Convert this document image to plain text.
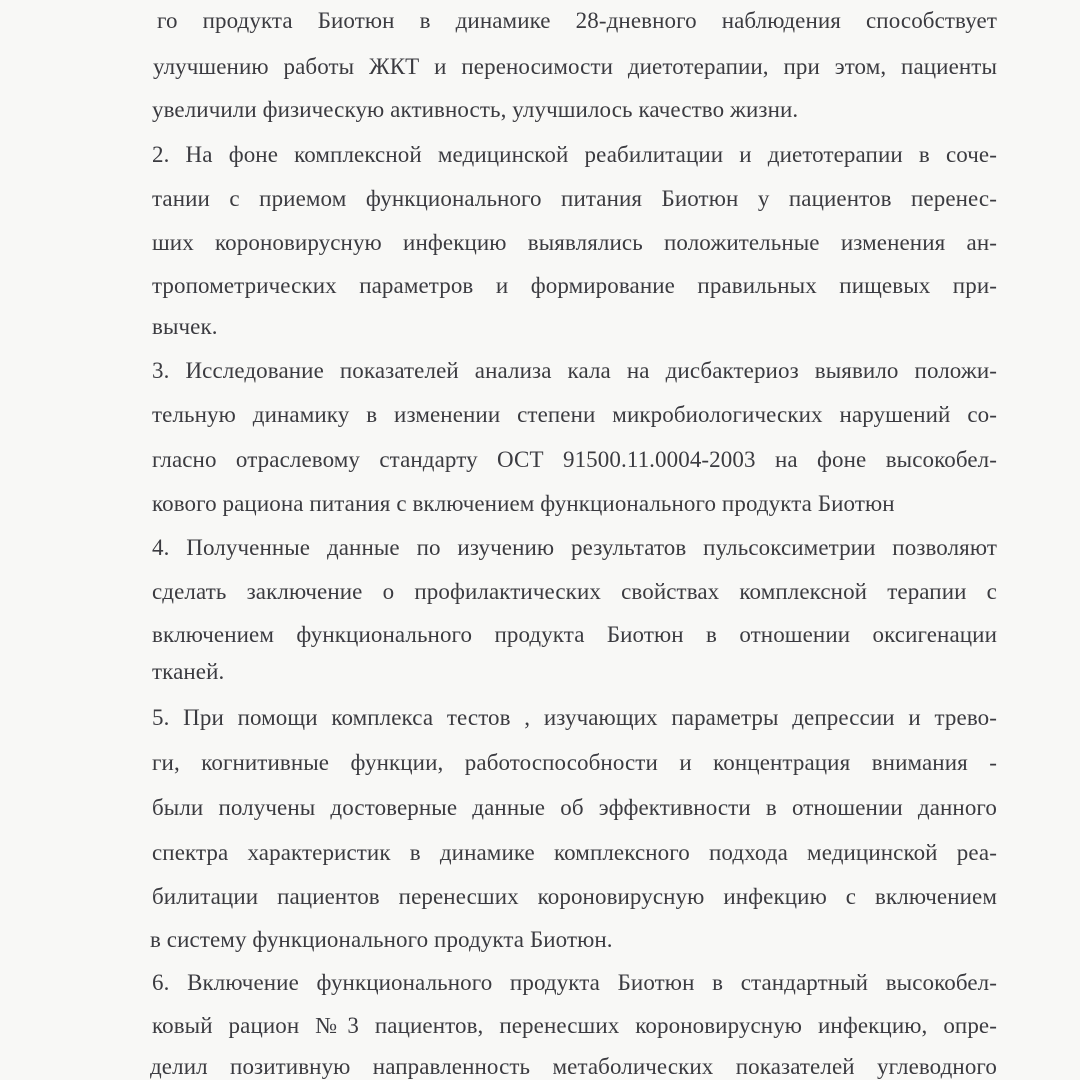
го продукта Биотюн в динамике 28-дневного наблюдения способствует
улучшению работы ЖКТ и переносимости диетотерапии, при этом, пациенты
увеличили физическую активность, улучшилось качество жизни.
2. На фоне комплексной медицинской реабилитации и диетотерапии в соче-
тании с приемом функционального питания Биотюн у пациентов перенес-
ших короновирусную инфекцию выявлялись положительные изменения ан-
тропометрических параметров и формирование правильных пищевых при-
вычек.
3. Исследование показателей анализа кала на дисбактериоз выявило положи-
тельную динамику в изменении степени микробиологических нарушений со-
гласно отраслевому стандарту ОСТ 91500.11.0004-2003 на фоне высокобел-
кового рациона питания с включением функционального продукта Биотюн
4. Полученные данные по изучению результатов пульсоксиметрии позволяют
сделать заключение о профилактических свойствах комплексной терапии с
включением функционального продукта Биотюн в отношении оксигенации
тканей.
5. При помощи комплекса тестов , изучающих параметры депрессии и трево-
ги, когнитивные функции, работоспособности и концентрация внимания -
были получены достоверные данные об эффективности в отношении данного
спектра характеристик в динамике комплексного подхода медицинской реа-
билитации пациентов перенесших короновирусную инфекцию с включением
в систему функционального продукта Биотюн.
6. Включение функционального продукта Биотюн в стандартный высокобел-
ковый рацион №3 пациентов, перенесших короновирусную инфекцию, опре-
делил позитивную направленность метаболических показателей углеводного
